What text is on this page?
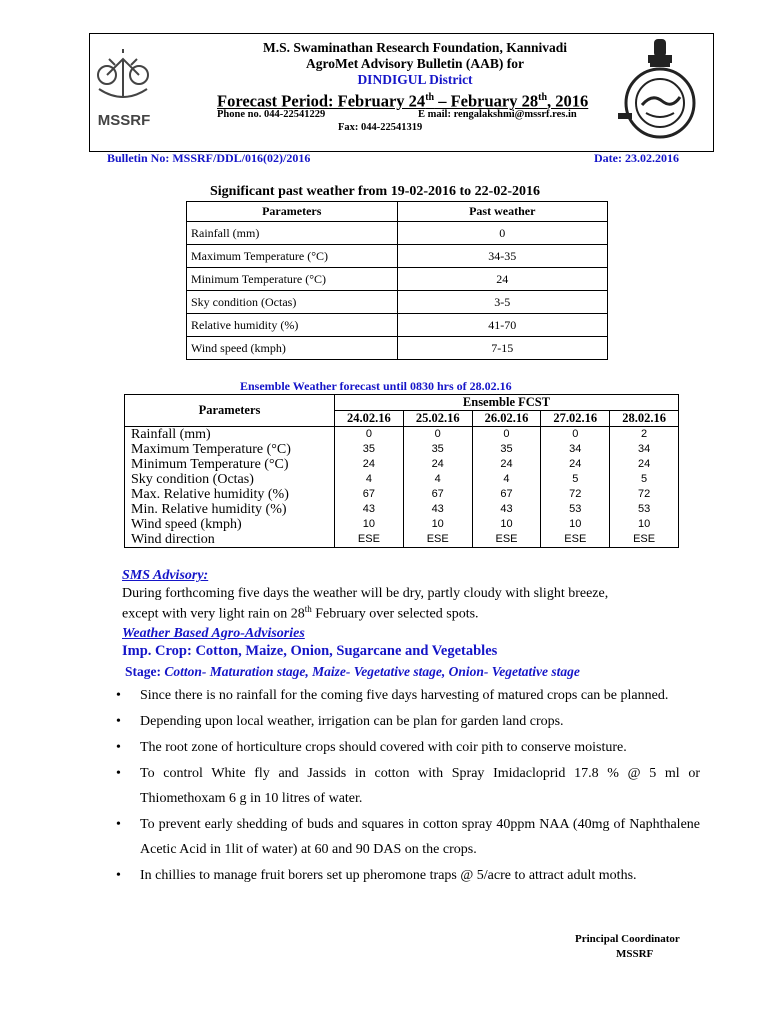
MSSRF
M.S. Swaminathan Research Foundation, Kannivadi
AgroMet Advisory Bulletin (AAB) for
DINDIGUL District
Forecast Period: February 24th – February 28th, 2016
Phone no. 044-22541229	E mail: rengalakshmi@mssrf.res.in
Fax: 044-22541319
Bulletin No: MSSRF/DDL/016(02)/2016	Date: 23.02.2016
Significant past weather from 19-02-2016 to 22-02-2016
Parameters	Past weather
Rainfall (mm)	0
Maximum Temperature (°C)	34-35
Minimum Temperature (°C)	24
Sky condition (Octas)	3-5
Relative humidity (%)	41-70
Wind speed (kmph)	7-15
Ensemble Weather forecast until 0830 hrs of 28.02.16
Parameters	Ensemble FCST				
	24.02.16	25.02.16	26.02.16	27.02.16	28.02.16
Rainfall (mm)	0	0	0	0	2
Maximum Temperature (°C)	35	35	35	34	34
Minimum Temperature (°C)	24	24	24	24	24
Sky condition (Octas)	4	4	4	5	5
Max. Relative humidity (%)	67	67	67	72	72
Min. Relative humidity (%)	43	43	43	53	53
Wind speed (kmph)	10	10	10	10	10
Wind direction	ESE	ESE	ESE	ESE	ESE
SMS Advisory:
During forthcoming five days the weather will be dry, partly cloudy with slight breeze,
except with very light rain on 28th February over selected spots.
Weather Based Agro-Advisories
Imp. Crop: Cotton, Maize, Onion, Sugarcane and Vegetables
Stage: Cotton- Maturation stage, Maize- Vegetative stage, Onion- Vegetative stage
• Since there is no rainfall for the coming five days harvesting of matured crops can be planned.
• Depending upon local weather, irrigation can be plan for garden land crops.
• The root zone of horticulture crops should covered with coir pith to conserve moisture.
• To control White fly and Jassids in cotton with Spray Imidacloprid 17.8 % @ 5 ml or Thiomethoxam 6 g in 10 litres of water.
• To prevent early shedding of buds and squares in cotton spray 40ppm NAA (40mg of Naphthalene Acetic Acid in 1lit of water) at 60 and 90 DAS on the crops.
• In chillies to manage fruit borers set up pheromone traps @ 5/acre to attract adult moths.
Principal Coordinator
MSSRF
